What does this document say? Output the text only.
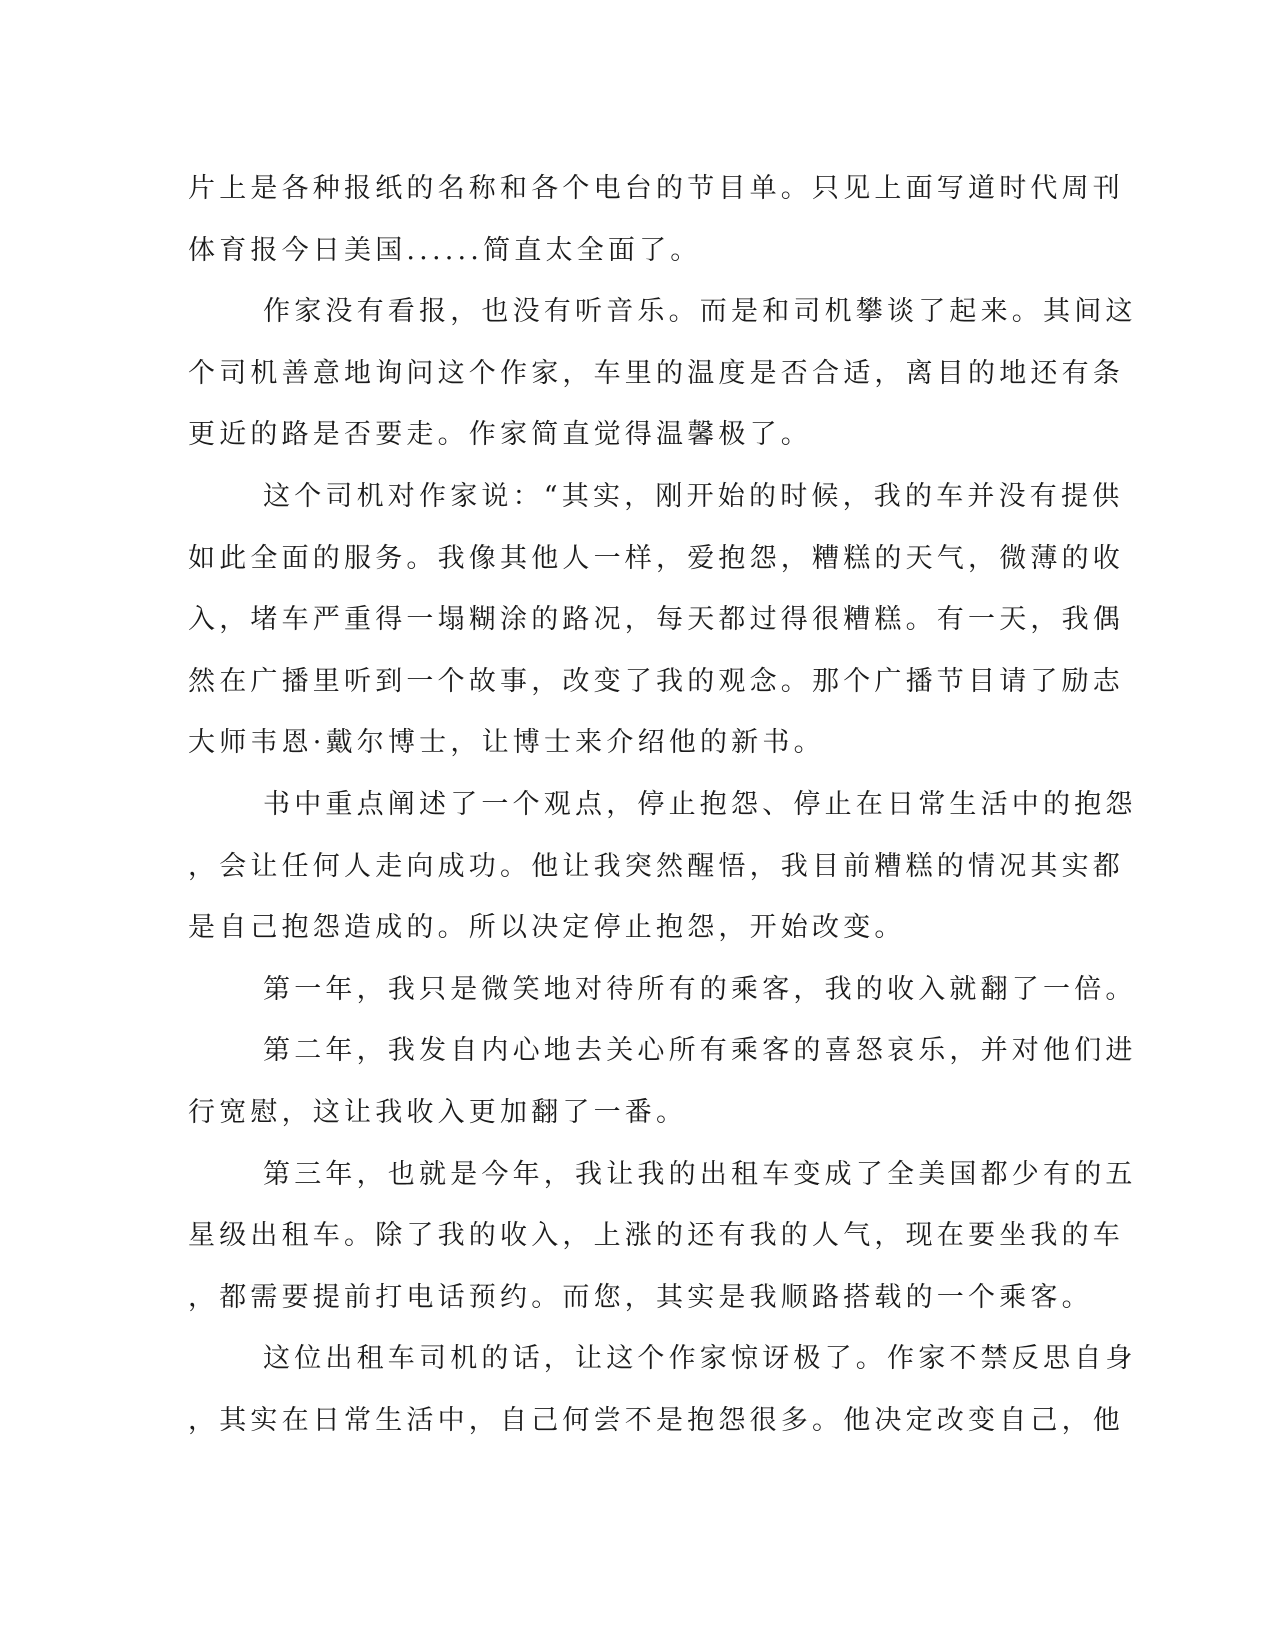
片上是各种报纸的名称和各个电台的节目单。只见上面写道时代周刊
体育报今日美国......简直太全面了。
作家没有看报，也没有听音乐。而是和司机攀谈了起来。其间这
个司机善意地询问这个作家，车里的温度是否合适，离目的地还有条
更近的路是否要走。作家简直觉得温馨极了。
这个司机对作家说：“其实，刚开始的时候，我的车并没有提供
如此全面的服务。我像其他人一样，爱抱怨，糟糕的天气，微薄的收
入，堵车严重得一塌糊涂的路况，每天都过得很糟糕。有一天，我偶
然在广播里听到一个故事，改变了我的观念。那个广播节目请了励志
大师韦恩·戴尔博士，让博士来介绍他的新书。
书中重点阐述了一个观点，停止抱怨、停止在日常生活中的抱怨
，会让任何人走向成功。他让我突然醒悟，我目前糟糕的情况其实都
是自己抱怨造成的。所以决定停止抱怨，开始改变。
第一年，我只是微笑地对待所有的乘客，我的收入就翻了一倍。
第二年，我发自内心地去关心所有乘客的喜怒哀乐，并对他们进
行宽慰，这让我收入更加翻了一番。
第三年，也就是今年，我让我的出租车变成了全美国都少有的五
星级出租车。除了我的收入，上涨的还有我的人气，现在要坐我的车
，都需要提前打电话预约。而您，其实是我顺路搭载的一个乘客。
这位出租车司机的话，让这个作家惊讶极了。作家不禁反思自身
，其实在日常生活中，自己何尝不是抱怨很多。他决定改变自己，他
